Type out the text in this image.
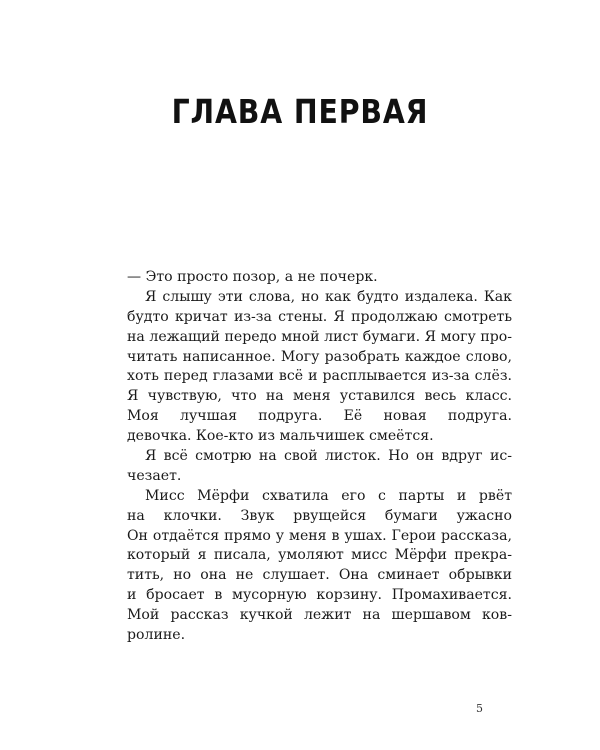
ГЛАВА ПЕРВАЯ
— Это просто позор, а не почерк.
Я слышу эти слова, но как будто издалека. Как
будто кричат из-за стены. Я продолжаю смотреть
на лежащий передо мной лист бумаги. Я могу про-
читать написанное. Могу разобрать каждое слово,
хоть перед глазами всё и расплывается из-за слёз.
Я чувствую, что на меня уставился весь класс.
Моя лучшая подруга. Её новая подруга.
девочка. Кое-кто из мальчишек смеётся.
Я всё смотрю на свой листок. Но он вдруг ис-
чезает.
Мисс Мёрфи схватила его с парты и рвёт
на клочки. Звук рвущейся бумаги ужасно
Он отдаётся прямо у меня в ушах. Герои рассказа,
который я писала, умоляют мисс Мёрфи прекра-
тить, но она не слушает. Она сминает обрывки
и бросает в мусорную корзину. Промахивается.
Мой рассказ кучкой лежит на шершавом ков-
ролине.
5
